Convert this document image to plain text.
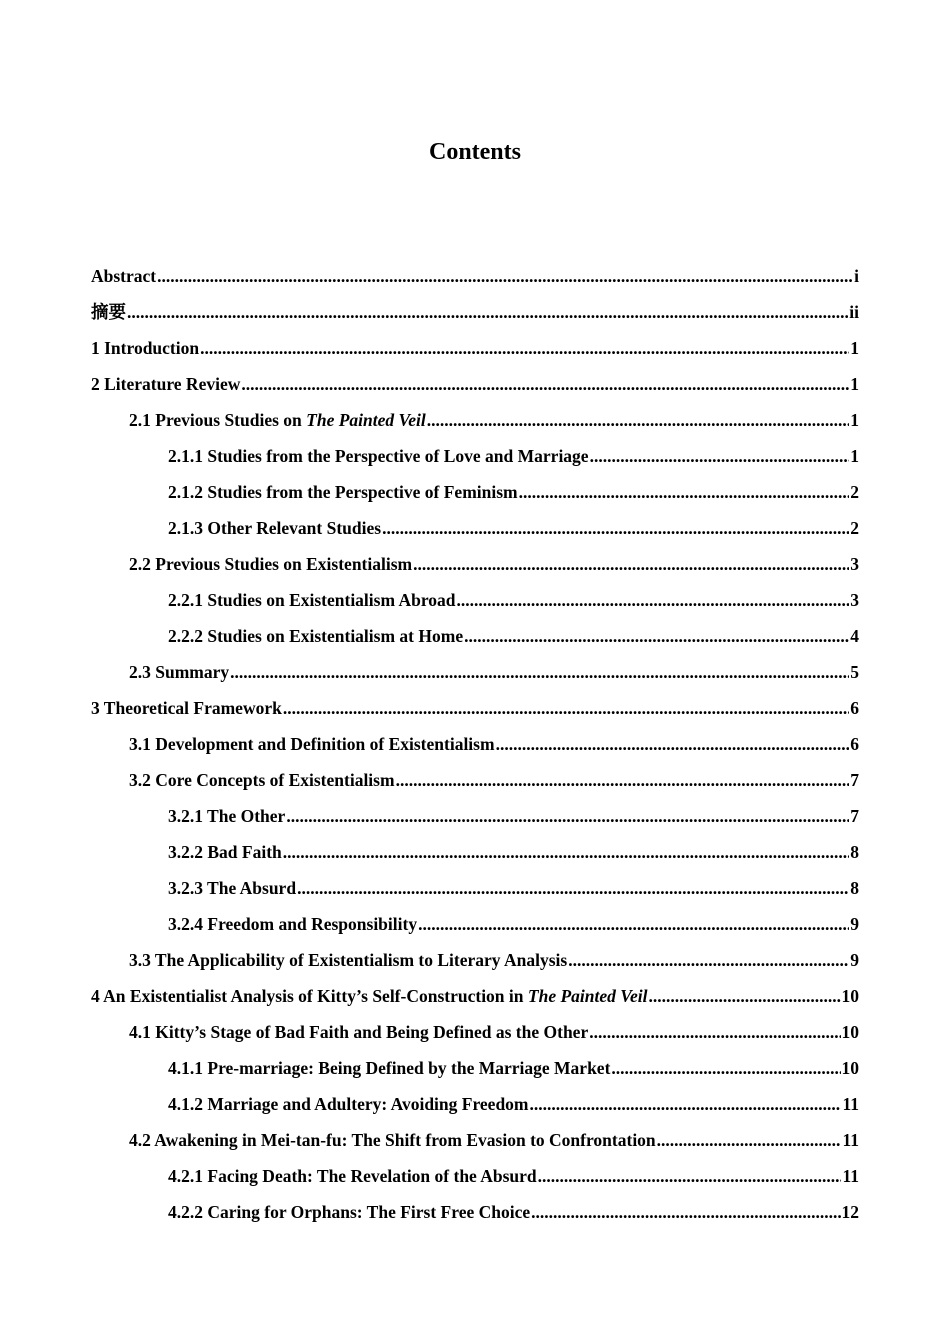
Contents
Abstract .....	i
摘要 .....	ii
1 Introduction .....	1
2 Literature Review .....	1
2.1 Previous Studies on The Painted Veil .....	1
2.1.1 Studies from the Perspective of Love and Marriage .....	1
2.1.2 Studies from the Perspective of Feminism .....	2
2.1.3 Other Relevant Studies .....	2
2.2 Previous Studies on Existentialism .....	3
2.2.1 Studies on Existentialism Abroad .....	3
2.2.2 Studies on Existentialism at Home .....	4
2.3 Summary .....	5
3 Theoretical Framework .....	6
3.1 Development and Definition of Existentialism .....	6
3.2 Core Concepts of Existentialism .....	7
3.2.1 The Other .....	7
3.2.2 Bad Faith .....	8
3.2.3 The Absurd .....	8
3.2.4 Freedom and Responsibility .....	9
3.3 The Applicability of Existentialism to Literary Analysis .....	9
4 An Existentialist Analysis of Kitty’s Self-Construction in The Painted Veil .....	10
4.1 Kitty’s Stage of Bad Faith and Being Defined as the Other .....	10
4.1.1 Pre-marriage: Being Defined by the Marriage Market .....	10
4.1.2 Marriage and Adultery: Avoiding Freedom .....	11
4.2 Awakening in Mei-tan-fu: The Shift from Evasion to Confrontation .....	11
4.2.1 Facing Death: The Revelation of the Absurd .....	11
4.2.2 Caring for Orphans: The First Free Choice .....	12
